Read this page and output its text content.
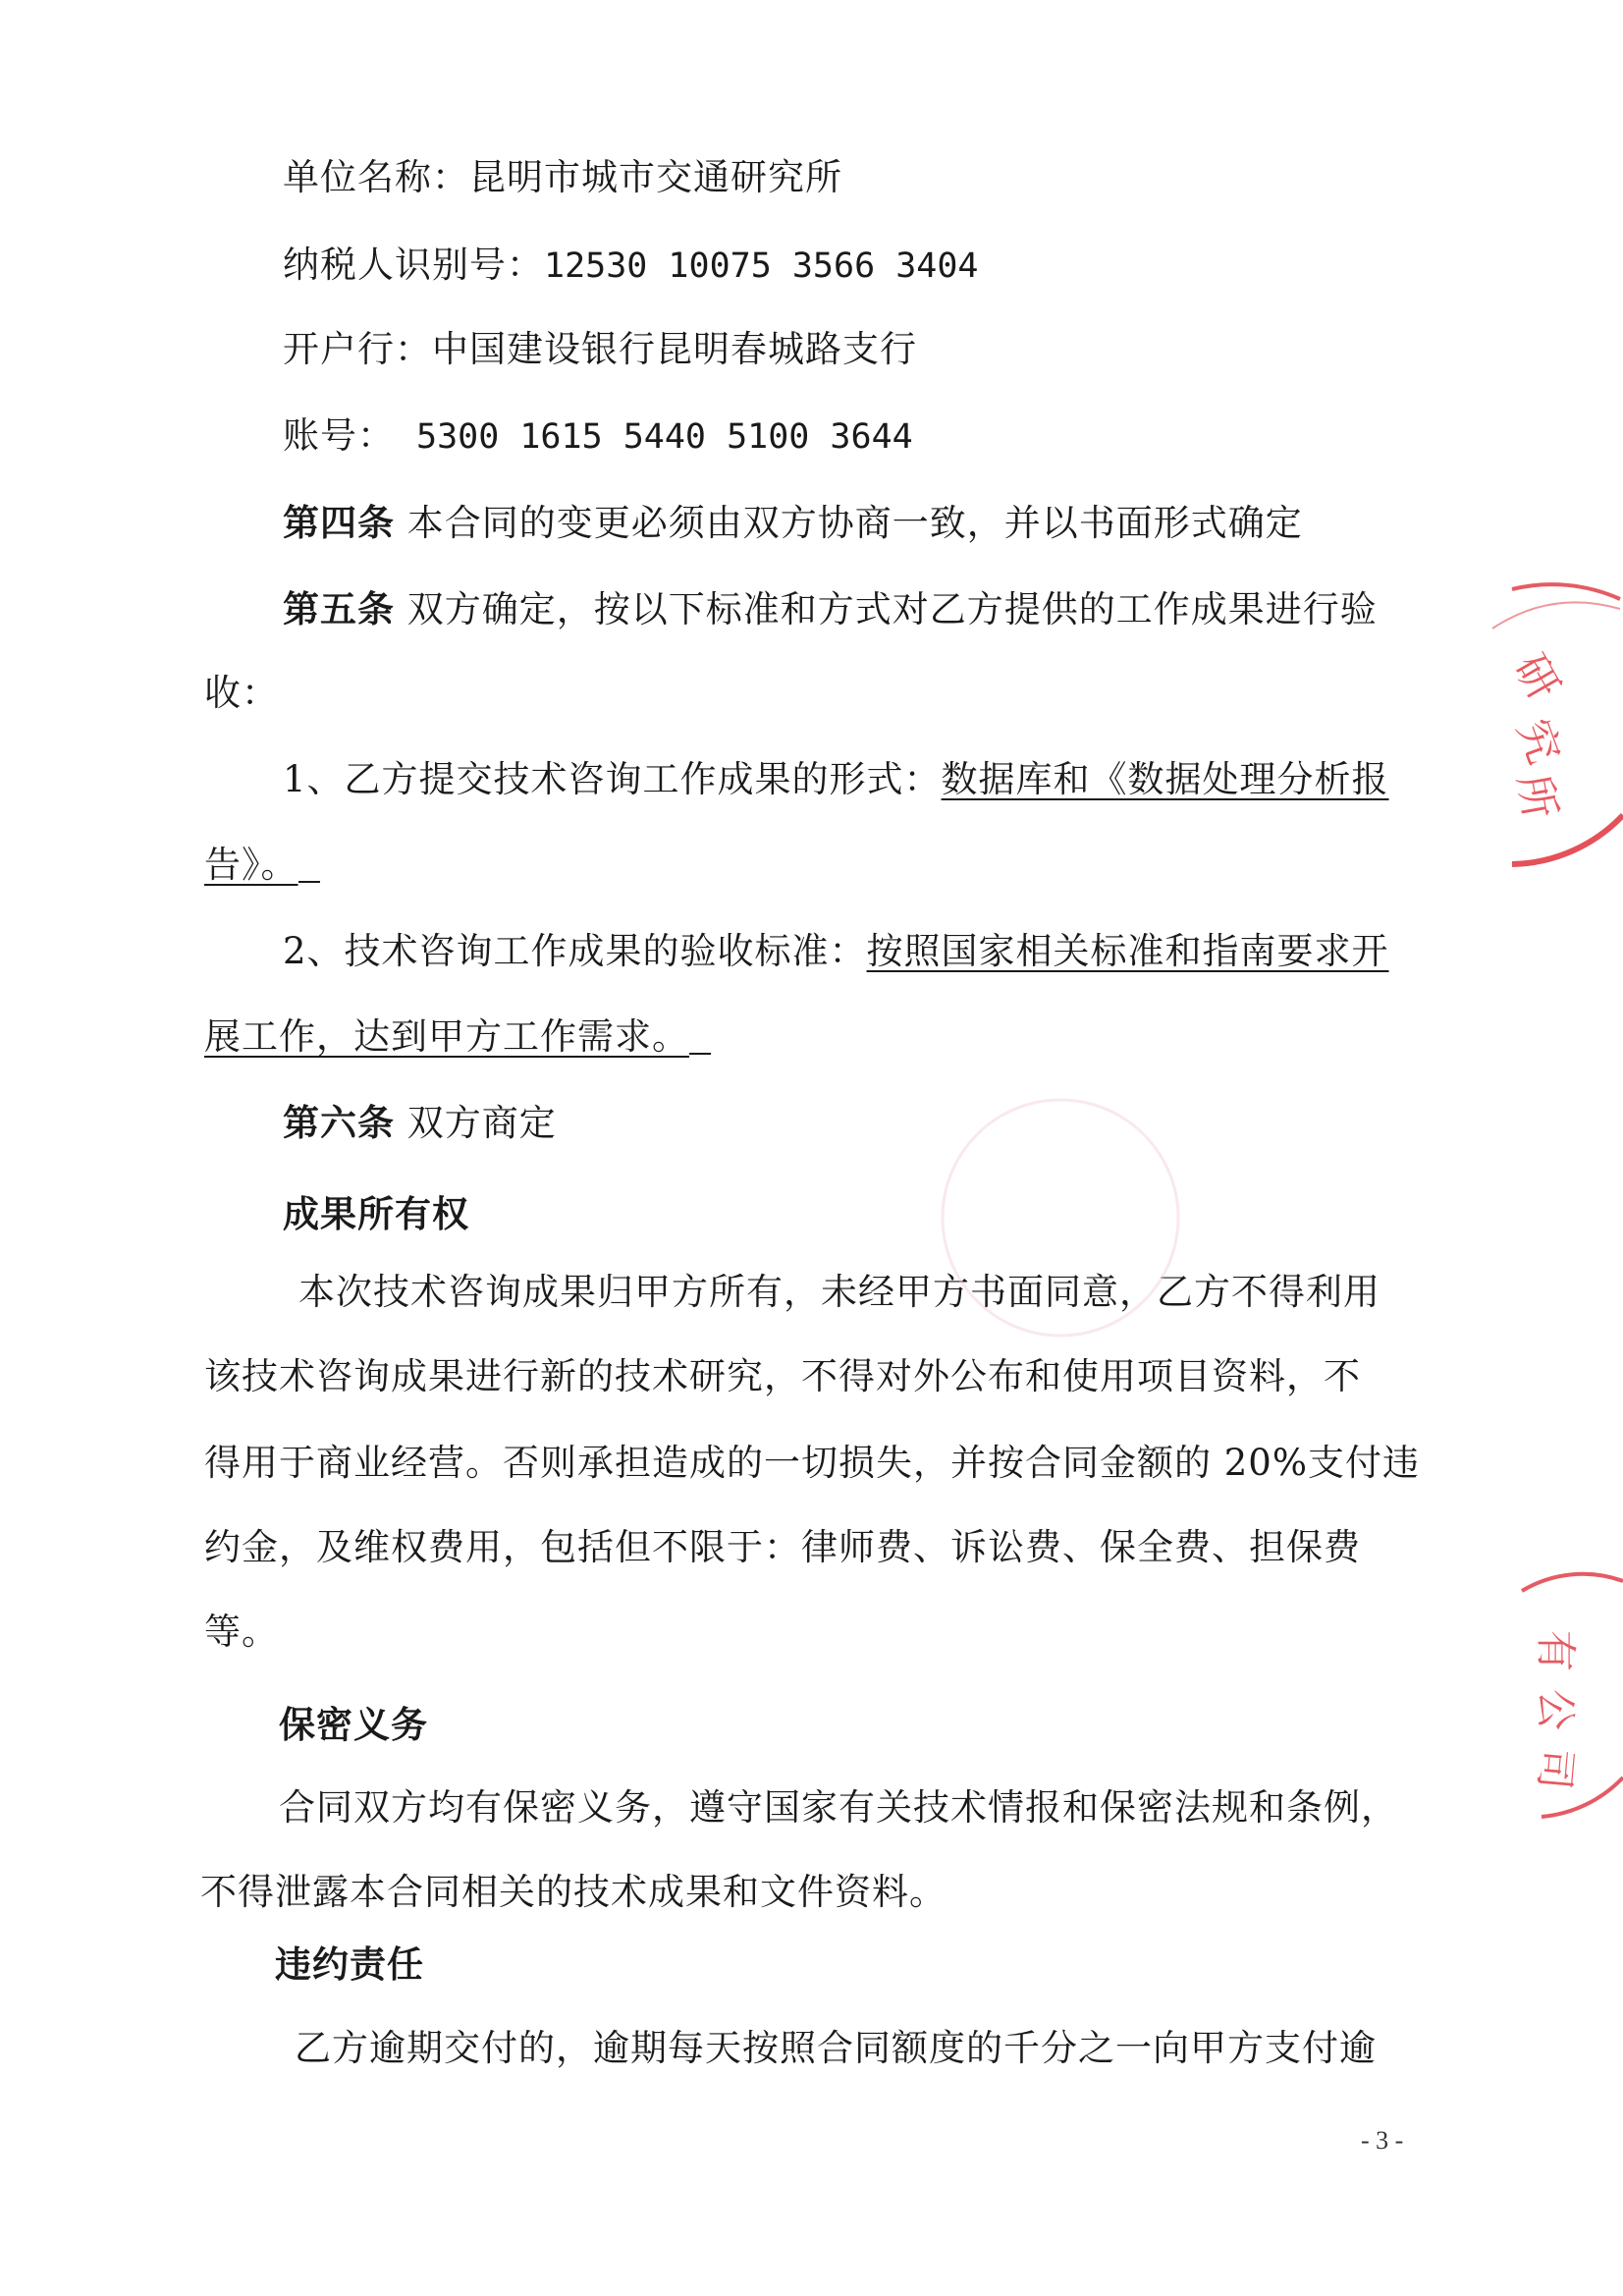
单位名称：昆明市城市交通研究所
纳税人识别号：12530 10075 3566 3404
开户行：中国建设银行昆明春城路支行
账号： 5300 1615 5440 5100 3644
第四条 本合同的变更必须由双方协商一致，并以书面形式确定
第五条 双方确定，按以下标准和方式对乙方提供的工作成果进行验
收：
1、乙方提交技术咨询工作成果的形式：数据库和《数据处理分析报
告》。
2、技术咨询工作成果的验收标准：按照国家相关标准和指南要求开
展工作，达到甲方工作需求。
第六条 双方商定
成果所有权
本次技术咨询成果归甲方所有，未经甲方书面同意，乙方不得利用
该技术咨询成果进行新的技术研究，不得对外公布和使用项目资料，不
得用于商业经营。否则承担造成的一切损失，并按合同金额的 20%支付违
约金，及维权费用，包括但不限于：律师费、诉讼费、保全费、担保费
等。
保密义务
合同双方均有保密义务，遵守国家有关技术情报和保密法规和条例，
不得泄露本合同相关的技术成果和文件资料。
违约责任
乙方逾期交付的，逾期每天按照合同额度的千分之一向甲方支付逾
- 3 -
研
究
所
有
公
司
